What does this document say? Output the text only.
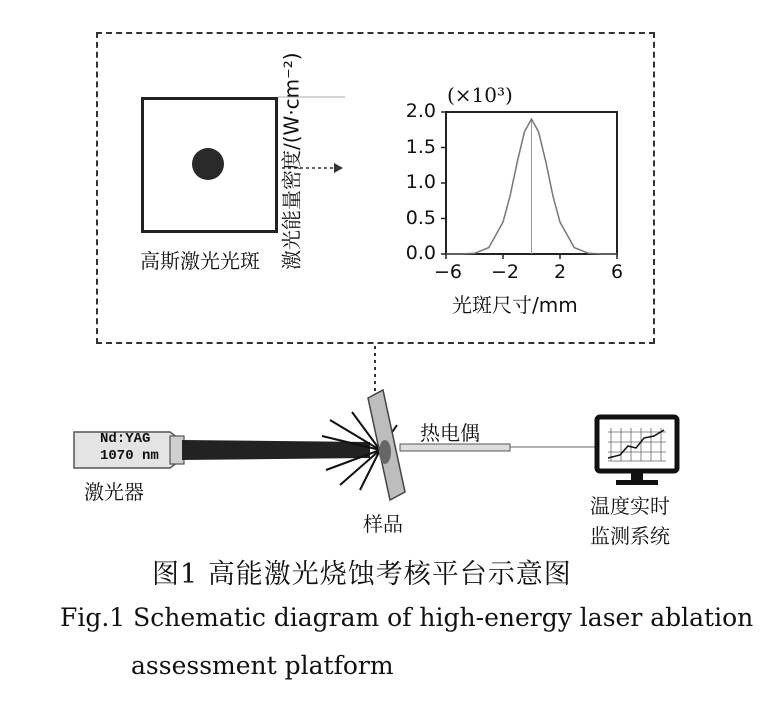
高斯激光光斑
Nd:YAG
1070 nm
(×10³)
激光能量密度/(W·cm⁻²)
光斑尺寸/mm
2.0
1.5
1.0
0.5
0.0
−6 −2	2	6
激光器
热电偶
样品
温度实时
监测系统
图1 高能激光烧蚀考核平台示意图
Fig.1 Schematic diagram of high-energy laser ablation
assessment platform
